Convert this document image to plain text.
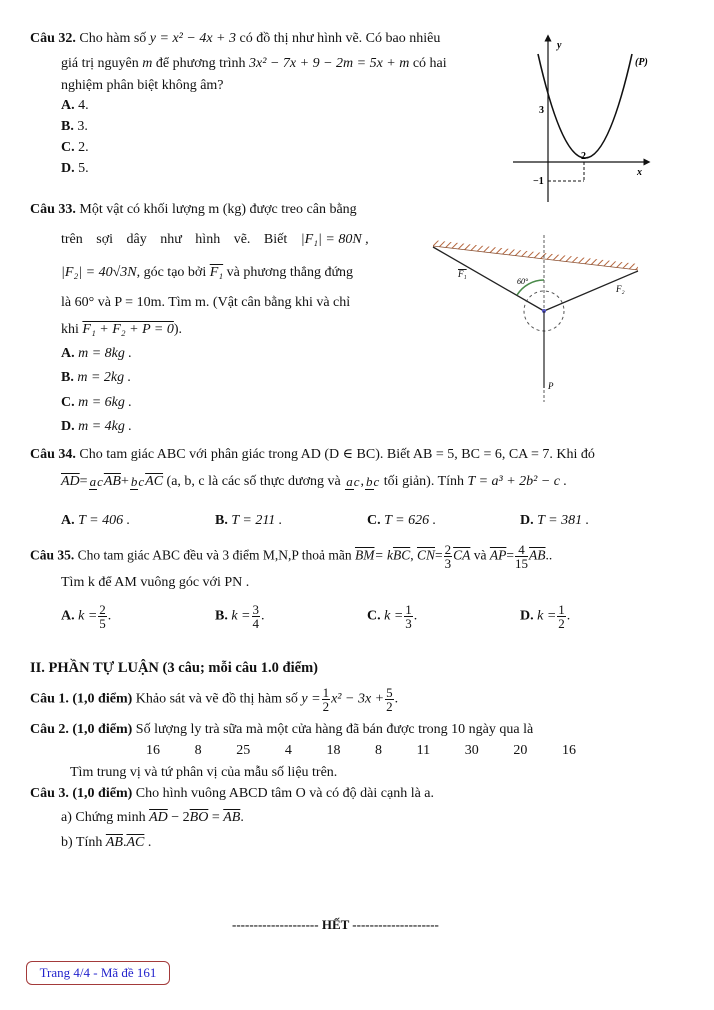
Câu 32. Cho hàm số y = x² − 4x + 3 có đồ thị như hình vẽ. Có bao nhiêu
giá trị nguyên m để phương trình 3x² − 7x + 9 − 2m = 5x + m có hai
nghiệm phân biệt không âm?
A. 4.
B. 3.
C. 2.
D. 5.
y
x
(P)
3
2
−1
Câu 33. Một vật có khối lượng m (kg) được treo cân bằng
trên sợi dây như hình vẽ. Biết |F₁| = 80N ,
|F₂| = 40√3N, góc tạo bởi F₁ và phương thẳng đứng
là 60° và P = 10m. Tìm m. (Vật cân bằng khi và chỉ
khi F₁ + F₂ + P = 0).
A. m = 8kg .
B. m = 2kg .
C. m = 6kg .
D. m = 4kg .
F₁
F₂
P
60°
Câu 34. Cho tam giác ABC với phân giác trong AD (D ∈ BC). Biết AB = 5, BC = 6, CA = 7. Khi đó
$\overline{AD}= ac\overline{AB}+ bc\overline{AC}$ (a, b, c là các số thực dương và ac, bc tối giản). Tính T = a³ + 2b² − c .
A. T = 406 .	B. T = 211 .	C. T = 626 .	D. T = 381 .
Câu 35. Cho tam giác ABC đều và 3 điểm M,N,P thoả mãn $\overline{BM}= k\overline{BC}$, $\overline{CN}= \frac{2}{3} \overline{CA}$ và $\overline{AP}= \frac{4}{15} \overline{AB}$..
Tìm k để AM vuông góc với PN .
A. $k = \frac{2}{5}$ .	B. $k = \frac{3}{4}$ .	C. $k = \frac{1}{3}$ .	D. $k = \frac{1}{2}$ .
II. PHẦN TỰ LUẬN (3 câu; mỗi câu 1.0 điểm)
Câu 1. (1,0 điểm) Khảo sát và vẽ đồ thị hàm số $y = \frac{1}{2} x^2 - 3x + \frac{5}{2}$ .
Câu 2. (1,0 điểm) Số lượng ly trà sữa mà một cửa hàng đã bán được trong 10 ngày qua là
16 8 25 4 18 8 11 30 20 16
Tìm trung vị và tứ phân vị của mẫu số liệu trên.
Câu 3. (1,0 điểm) Cho hình vuông ABCD tâm O và có độ dài cạnh là a.
a) Chứng minh $\overline{AD} - 2\overline{BO} = \overline{AB}$.
b) Tính $\overline{AB}.\overline{AC}$ .
-------------------- HẾT --------------------
Trang 4/4 - Mã đề 161
